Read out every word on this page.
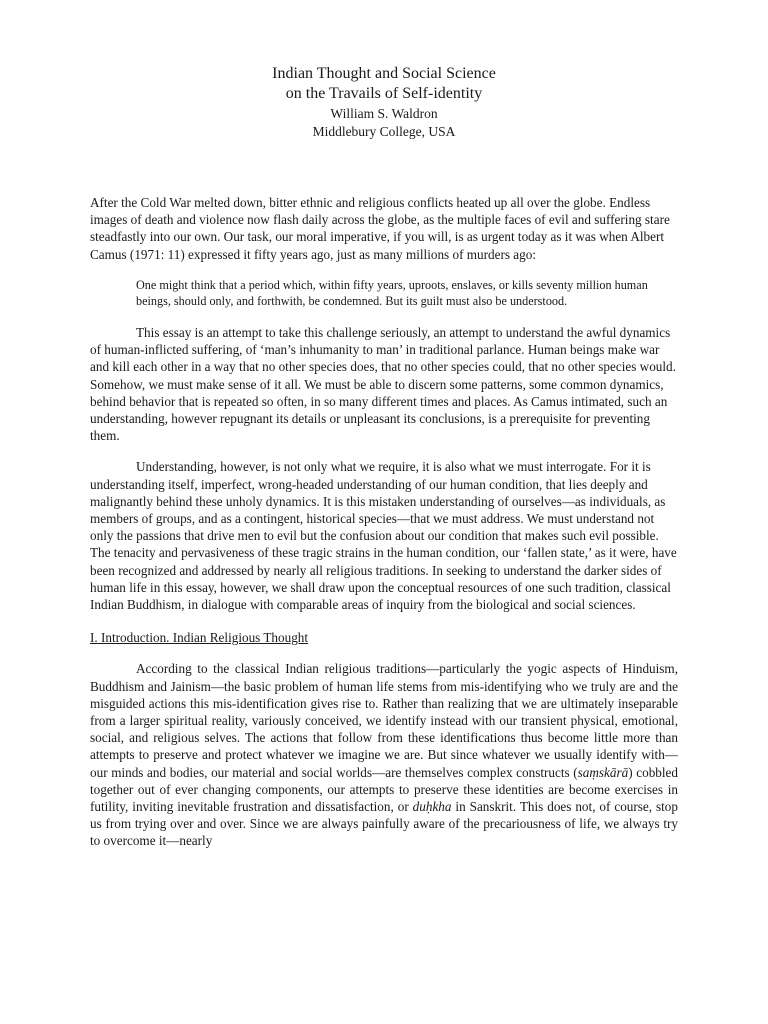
Indian Thought and Social Science
on the Travails of Self-identity
William S. Waldron
Middlebury College, USA

After the Cold War melted down, bitter ethnic and religious conflicts heated up all over the globe. Endless images of death and violence now flash daily across the globe, as the multiple faces of evil and suffering stare steadfastly into our own. Our task, our moral imperative, if you will, is as urgent today as it was when Albert Camus (1971: 11) expressed it fifty years ago, just as many millions of murders ago:

One might think that a period which, within fifty years, uproots, enslaves, or kills seventy million human beings, should only, and forthwith, be condemned. But its guilt must also be understood.

This essay is an attempt to take this challenge seriously, an attempt to understand the awful dynamics of human-inflicted suffering, of ‘man’s inhumanity to man’ in traditional parlance. Human beings make war and kill each other in a way that no other species does, that no other species could, that no other species would. Somehow, we must make sense of it all. We must be able to discern some patterns, some common dynamics, behind behavior that is repeated so often, in so many different times and places. As Camus intimated, such an understanding, however repugnant its details or unpleasant its conclusions, is a prerequisite for preventing them.

Understanding, however, is not only what we require, it is also what we must interrogate. For it is understanding itself, imperfect, wrong-headed understanding of our human condition, that lies deeply and malignantly behind these unholy dynamics. It is this mistaken understanding of ourselves—as individuals, as members of groups, and as a contingent, historical species—that we must address. We must understand not only the passions that drive men to evil but the confusion about our condition that makes such evil possible. The tenacity and pervasiveness of these tragic strains in the human condition, our ‘fallen state,’ as it were, have been recognized and addressed by nearly all religious traditions. In seeking to understand the darker sides of human life in this essay, however, we shall draw upon the conceptual resources of one such tradition, classical Indian Buddhism, in dialogue with comparable areas of inquiry from the biological and social sciences.

I. Introduction. Indian Religious Thought

According to the classical Indian religious traditions—particularly the yogic aspects of Hinduism, Buddhism and Jainism—the basic problem of human life stems from mis-identifying who we truly are and the misguided actions this mis-identification gives rise to. Rather than realizing that we are ultimately inseparable from a larger spiritual reality, variously conceived, we identify instead with our transient physical, emotional, social, and religious selves. The actions that follow from these identifications thus become little more than attempts to preserve and protect whatever we imagine we are. But since whatever we usually identify with—our minds and bodies, our material and social worlds—are themselves complex constructs (saṃskārā) cobbled together out of ever changing components, our attempts to preserve these identities are become exercises in futility, inviting inevitable frustration and dissatisfaction, or duḥkha in Sanskrit. This does not, of course, stop us from trying over and over. Since we are always painfully aware of the precariousness of life, we always try to overcome it—nearly
